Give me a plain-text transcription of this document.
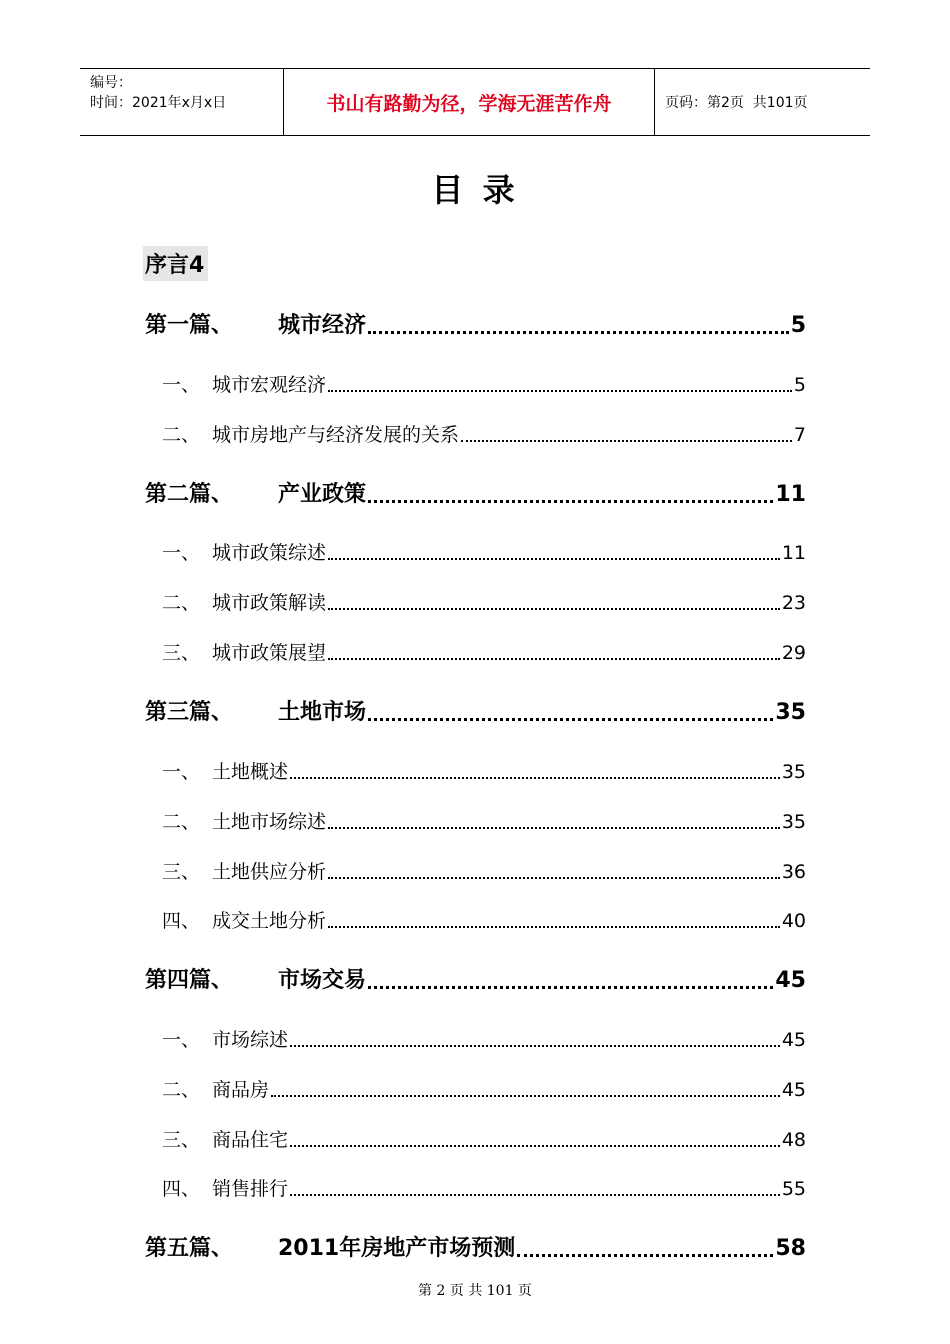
编号：
时间：2021年x月x日	书山有路勤为径，学海无涯苦作舟	页码：第2页  共101页
目 录
序言4
第一篇、	城市经济	5
一、 城市宏观经济	5
二、 城市房地产与经济发展的关系	7
第二篇、	产业政策	11
一、 城市政策综述	11
二、 城市政策解读	23
三、 城市政策展望	29
第三篇、	土地市场	35
一、 土地概述	35
二、 土地市场综述	35
三、 土地供应分析	36
四、 成交土地分析	40
第四篇、	市场交易	45
一、 市场综述	45
二、 商品房	45
三、 商品住宅	48
四、 销售排行	55
第五篇、	2011年房地产市场预测	58
第 2 页 共 101 页
